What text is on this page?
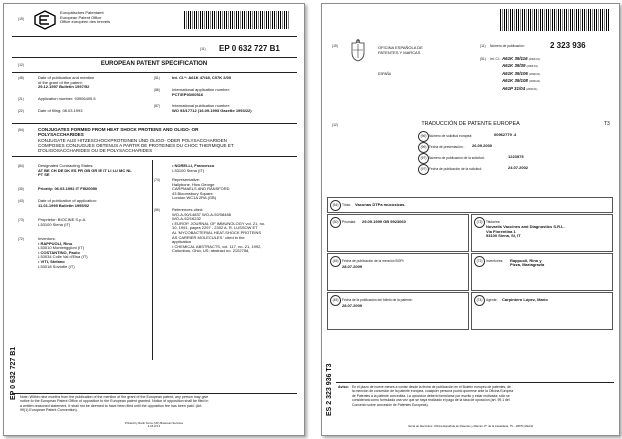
(19)

Europäisches Patentamt

European Patent Office

Office européen des brevets

(11) EP 0 632 727 B1
(12)	EUROPEAN PATENT SPECIFICATION
(45)	Date of publication and mention

of the grant of the patent:

29.12.1997 Bulletin 1997/52

(21)	Application number: 93906409.5

(22)	Date of filing: 08.03.1993

(51)	Int. Cl.⁶: A61K 47/48, C07K 2/00

(86)	International application number:

PCT/EP93/00516

(87)	International publication number:

WO 93/17712 (16.09.1993 Gazette 1993/22)

(54)	CONJUGATES FORMED FROM HEAT SHOCK PROTEINS AND OLIGO- OR

POLYSACCHARIDES

KONJUGATE AUS HITZESCHOCKPROTEINEN UND OLIGO- ODER POLYSACCHARIDEN

COMPOSES CONJUGUES OBTENUS A PARTIR DE PROTEINES DU CHOC THERMIQUE ET

D'OLIGOSACCHARIDES OU DE POLYSACCHARIDES

(84)	Designated Contracting States:

AT BE CH DE DK ES FR GB GR IE IT LI LU MC NL

PT SE

(30)	Priority: 06.03.1992 IT FI920050

(43)	Date of publication of application:

11.01.1995 Bulletin 1995/02

(73)	Proprietor: BIOCINE S.p.A.

I-53100 Siena (IT)

(72)	Inventors:

• RAPPUOLI, Rino

I-53010 Monteriggioni (IT)

• COSTANTINO, Paolo

I-53034 Colle Val d'Elsa (IT)

• VITI, Stefano

I-53018 Sovicille (IT)

• NORELLI, Francesco

I-53100 Siena (IT)

(74)	Representative:

Hallybone, Huw George

CARPMAELS AND RANSFORD

43 Bloomsbury Square

London WC1A 2RA (GB)

(56)	References cited:

WO-A-90/14837 WO-A-92/08488

WO-A-92/16232

• EUROP. JOURNAL OF IMMUNOLOGY vol. 21, no.

10, 1991, pages 2297 - 2302 A. R. LUSSOW ET

AL 'MYCOBACTERIAL HEAT-SHOCK PROTEINS

AS CARRIER MOLECULES.' cited in the

application

• CHEMICAL ABSTRACTS, vol. 117, no. 21, 1992,

Columbus, Ohio, US; abstract no. 210275d,

EP 0 632 727 B1 Note: Within nine months from the publication of the mention of the grant of the European patent, any person may give

notice to the European Patent Office of opposition to the European patent granted. Notice of opposition shall be filed in

a written reasoned statement. It shall not be deemed to have been filed until the opposition fee has been paid. (Art.

99(1) European Patent Convention).

Printed by Rank Xerox (UK) Business Services
2.16.2/3.4
(19)	OFICINA ESPAÑOLA DE

PATENTES Y MARCAS

ESPAÑA
(11) Número de publicación:	2 323 936
(51) Int. Cl.: A61K 39/116 (2006.01)

A61K 39/39 (2006.01)

A61K 39/106 (2006.01)

A61K 39/108 (2006.01)

A61P 31/04 (2006.01)

(12)	TRADUCCIÓN DE PATENTE EUROPEA	T3
(96) Número de solicitud europea:	00962779 .4
(96) Fecha de presentación : 26.09.2000
(97) Número de publicación de la solicitud:	1223975
(97) Fecha de publicación de la solicitud:	24.07.2002
(54)	Título: Vacunas DTPa mucosicas.
(30)	Prioridad: 29.09.1999 GB 9923060	(73)	Titular/es:

Novartis Vaccines and Diagnostics S.R.L.

Via Fiorentina 1

53100 Siena, SI, IT

(45)	Fecha de publicación de la mención BOPI:
28.07.2009
(72)	Inventor/es: Rappuoli, Rino y

Pizza, Mariagrazia

(45)	Fecha de la publicación del folleto de la patente:
28.07.2009
(74)	Agente: Carpintero López, Mario
ES 2 323 936 T3 Aviso: En el plazo de nueve meses a contar desde la fecha de publicación en el Boletín europeo de patentes, de

la mención de concesión de la patente europea, cualquier persona podrá oponerse ante la Oficina Europea

de Patentes a la patente concedida. La oposición deberá formularse por escrito y estar motivada; sólo se

considerará como formulada una vez que se haya realizado el pago de la tasa de oposición (art. 99.1 del

Convenio sobre concesión de Patentes Europeas).

Venta de fascículos: Oficina Española de Patentes y Marcas. P° de la Castellana, 75 – 28071 Madrid
